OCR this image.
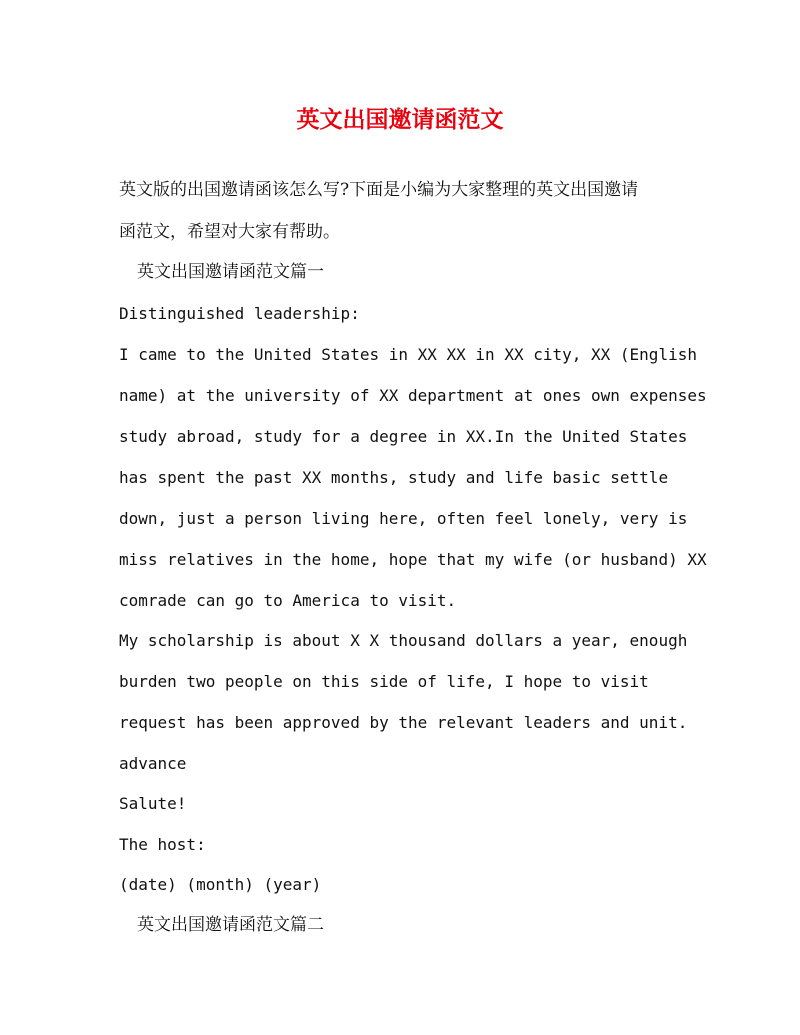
英文出国邀请函范文

英文版的出国邀请函该怎么写?下面是小编为大家整理的英文出国邀请

函范文，希望对大家有帮助。

英文出国邀请函范文篇一

Distinguished leadership:

I came to the United States in XX XX in XX city, XX (English

name) at the university of XX department at ones own expenses

study abroad, study for a degree in XX.In the United States

has spent the past XX months, study and life basic settle

down, just a person living here, often feel lonely, very is

miss relatives in the home, hope that my wife (or husband) XX

comrade can go to America to visit.

My scholarship is about X X thousand dollars a year, enough

burden two people on this side of life, I hope to visit

request has been approved by the relevant leaders and unit.

advance

Salute!

The host:

(date) (month) (year)

英文出国邀请函范文篇二
